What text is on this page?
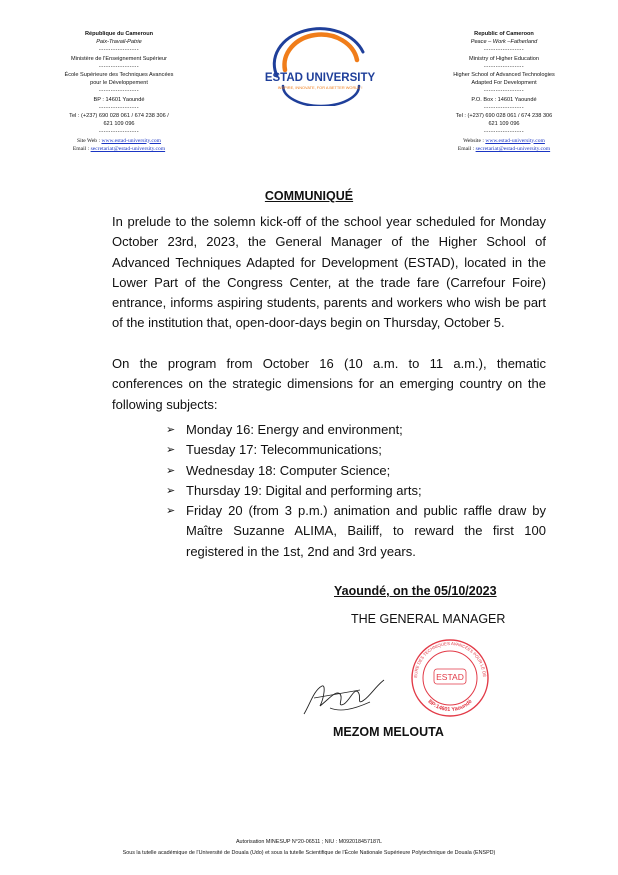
République du Cameroun
Paix-Travail-Patrie
-----------------
Ministère de l'Enseignement Supérieur
-----------------
École Supérieure des Techniques Avancées
pour le Développement
-----------------
BP : 14601 Yaoundé
-----------------
Tel : (+237) 690 028 061 / 674 238 306 /
621 109 096
-----------------
Site Web : www.estad-university.com
Email : secretariat@estad-university.com
ESTAD UNIVERSITY
INSPIRE, INNOVATE, FOR A BETTER WORLD !
Republic of Cameroon
Peace – Work –Fatherland
-----------------
Ministry of Higher Education
-----------------
Higher School of Advanced Technologies
Adapted For Development
-----------------
P.O. Box : 14601 Yaoundé
-----------------
Tel : (+237) 690 028 061 / 674 238 306
621 109 096
-----------------
Website : www.estad-university.com
Email : secretariat@estad-university.com
COMMUNIQUÉ
In prelude to the solemn kick-off of the school year scheduled for Monday October 23rd, 2023, the General Manager of the Higher School of Advanced Techniques Adapted for Development (ESTAD), located in the Lower Part of the Congress Center, at the trade fare (Carrefour Foire) entrance, informs aspiring students, parents and workers who wish be part of the institution that, open-door-days begin on Thursday, October 5.
On the program from October 16 (10 a.m. to 11 a.m.), thematic conferences on the strategic dimensions for an emerging country on the following subjects:
➢ Monday 16: Energy and environment;
➢ Tuesday 17: Telecommunications;
➢ Wednesday 18: Computer Science;
➢ Thursday 19: Digital and performing arts;
➢ Friday 20 (from 3 p.m.) animation and public raffle draw by Maître Suzanne ALIMA, Bailiff, to reward the first 100 registered in the 1st, 2nd and 3rd years.
Yaoundé, on the 05/10/2023
THE GENERAL MANAGER
ESTAD
EURE DES TECHNIQUES AVANCÉES POUR LE DÉ
BP:14601 Yaoundé
MEZOM MELOUTA
Autorisation MINESUP N°20-06511 ; NIU : M092018457187L
Sous la tutelle académique de l'Université de Douala (Udo) et sous la tutelle Scientifique de l'École Nationale Supérieure Polytechnique de Douala (ENSPD)
